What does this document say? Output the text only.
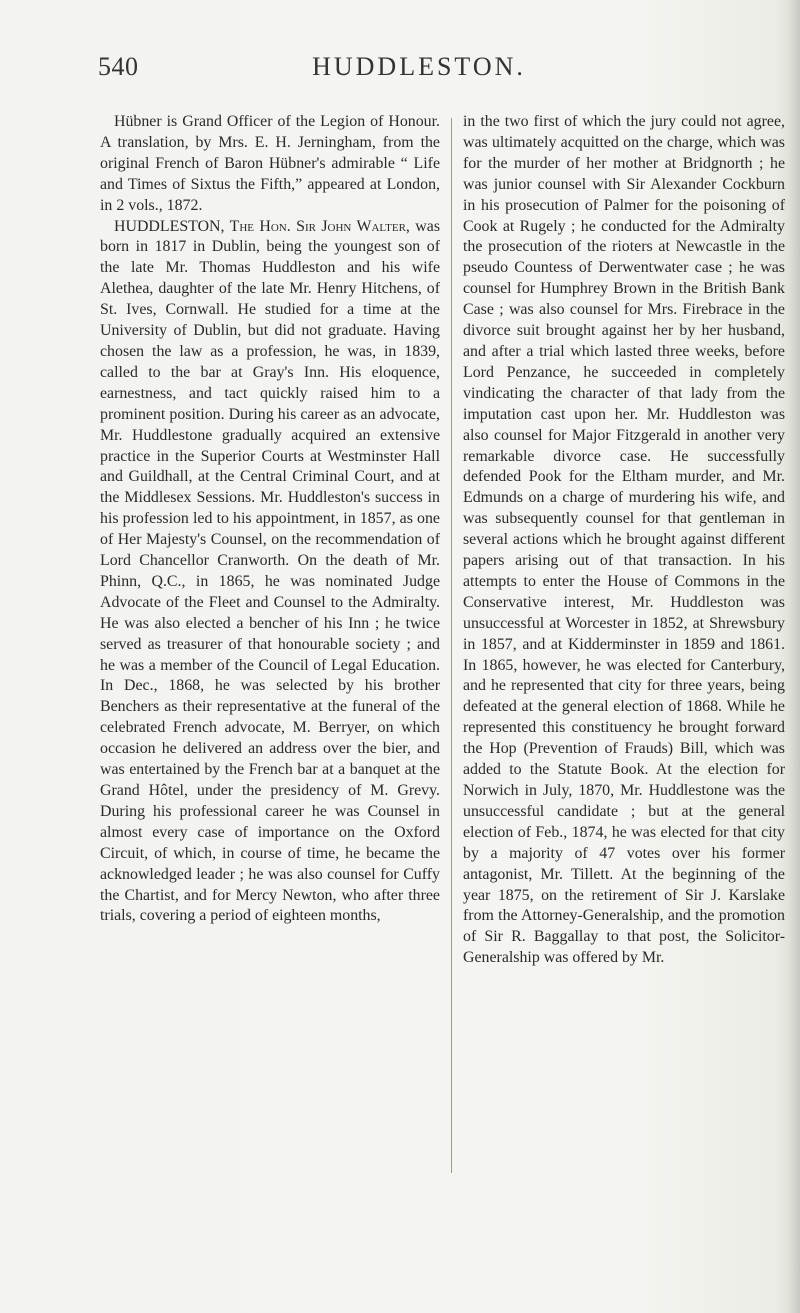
540	HUDDLESTON.

Hübner is Grand Officer of the Legion of Honour. A translation, by Mrs. E. H. Jerningham, from the original French of Baron Hübner's admirable “ Life and Times of Sixtus the Fifth,” appeared at London, in 2 vols., 1872.

HUDDLESTON, The Hon. Sir John Walter, was born in 1817 in Dublin, being the youngest son of the late Mr. Thomas Huddleston and his wife Alethea, daughter of the late Mr. Henry Hitchens, of St. Ives, Cornwall. He studied for a time at the University of Dublin, but did not graduate. Having chosen the law as a profession, he was, in 1839, called to the bar at Gray's Inn. His eloquence, earnestness, and tact quickly raised him to a prominent position. During his career as an advocate, Mr. Huddlestone gradually acquired an extensive practice in the Superior Courts at Westminster Hall and Guildhall, at the Central Criminal Court, and at the Middlesex Sessions. Mr. Huddleston's success in his profession led to his appointment, in 1857, as one of Her Majesty's Counsel, on the recommendation of Lord Chancellor Cranworth. On the death of Mr. Phinn, Q.C., in 1865, he was nominated Judge Advocate of the Fleet and Counsel to the Admiralty. He was also elected a bencher of his Inn ; he twice served as treasurer of that honourable society ; and he was a member of the Council of Legal Education. In Dec., 1868, he was selected by his brother Benchers as their representative at the funeral of the celebrated French advocate, M. Berryer, on which occasion he delivered an address over the bier, and was entertained by the French bar at a banquet at the Grand Hôtel, under the presidency of M. Grevy. During his professional career he was Counsel in almost every case of importance on the Oxford Circuit, of which, in course of time, he became the acknowledged leader ; he was also counsel for Cuffy the Chartist, and for Mercy Newton, who after three trials, covering a period of eighteen months,

in the two first of which the jury could not agree, was ultimately acquitted on the charge, which was for the murder of her mother at Bridgnorth ; he was junior counsel with Sir Alexander Cockburn in his prosecution of Palmer for the poisoning of Cook at Rugely ; he conducted for the Admiralty the prosecution of the rioters at Newcastle in the pseudo Countess of Derwentwater case ; he was counsel for Humphrey Brown in the British Bank Case ; was also counsel for Mrs. Firebrace in the divorce suit brought against her by her husband, and after a trial which lasted three weeks, before Lord Penzance, he succeeded in completely vindicating the character of that lady from the imputation cast upon her. Mr. Huddleston was also counsel for Major Fitzgerald in another very remarkable divorce case. He successfully defended Pook for the Eltham murder, and Mr. Edmunds on a charge of murdering his wife, and was subsequently counsel for that gentleman in several actions which he brought against different papers arising out of that transaction. In his attempts to enter the House of Commons in the Conservative interest, Mr. Huddleston was unsuccessful at Worcester in 1852, at Shrewsbury in 1857, and at Kidderminster in 1859 and 1861. In 1865, however, he was elected for Canterbury, and he represented that city for three years, being defeated at the general election of 1868. While he represented this constituency he brought forward the Hop (Prevention of Frauds) Bill, which was added to the Statute Book. At the election for Norwich in July, 1870, Mr. Huddlestone was the unsuccessful candidate ; but at the general election of Feb., 1874, he was elected for that city by a majority of 47 votes over his former antagonist, Mr. Tillett. At the beginning of the year 1875, on the retirement of Sir J. Karslake from the Attorney-Generalship, and the promotion of Sir R. Baggallay to that post, the Solicitor-Generalship was offered by Mr.
